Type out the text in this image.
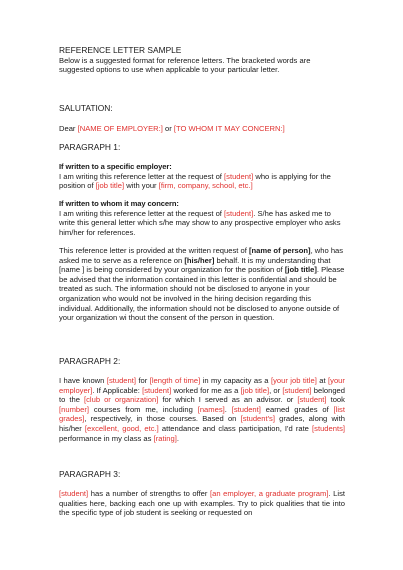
REFERENCE LETTER SAMPLE

Below is a suggested format for reference letters. The bracketed words are suggested options to use when applicable to your particular letter.

SALUTATION:

Dear [ NAME OF EMPLOYER: ] or [ TO WHOM IT MAY CONCERN: ]

PARAGRAPH 1:

If written to a specific employer:

I am writing this reference letter at the request of [ student ] who is applying for the position of [ job title ] with your [ firm, company, school, etc. ]

If written to whom it may concern:

I am writing this reference letter at the request of [ student ] . S/he has asked me to write this general letter which s/he may show to any prospective employer who asks him/her for references.

This reference letter is provided at the written request of [name of person], who has asked me to serve as a reference on [his/her] behalf. It is my understanding that [name ] is being considered by your organization for the position of [job title]. Please be advised that the information contained in this letter is confidential and should be treated as such. The information should not be disclosed to anyone in your organization who would not be involved in the hiring decision regarding this individual. Additionally, the information should not be disclosed to anyone outside of your organization wi thout the consent of the person in question.

PARAGRAPH 2:

I have known [ student ] for [ length of time ] in my capacity as a [ your job title ] at [ your employer ] . If Applicable: [ student ] worked for me as a [ job title ] , or [ student ] belonged to the [ club or organization ] for which I served as an advisor. or [ student ] took [ number ] courses from me, including [ names ] . [ student ] earned grades of [ list grades ] , respectively, in those courses. Based on [ student's ] grades, along with his/her [ excellent, good, etc. ] attendance and class participation, I'd rate [ students ] performance in my class as [ rating ] .

PARAGRAPH 3:

[ student ] has a number of strengths to offer [ an employer, a graduate program ] . List qualities here, backing each one up with examples. Try to pick qualities that tie into the specific type of job student is seeking or requested on
